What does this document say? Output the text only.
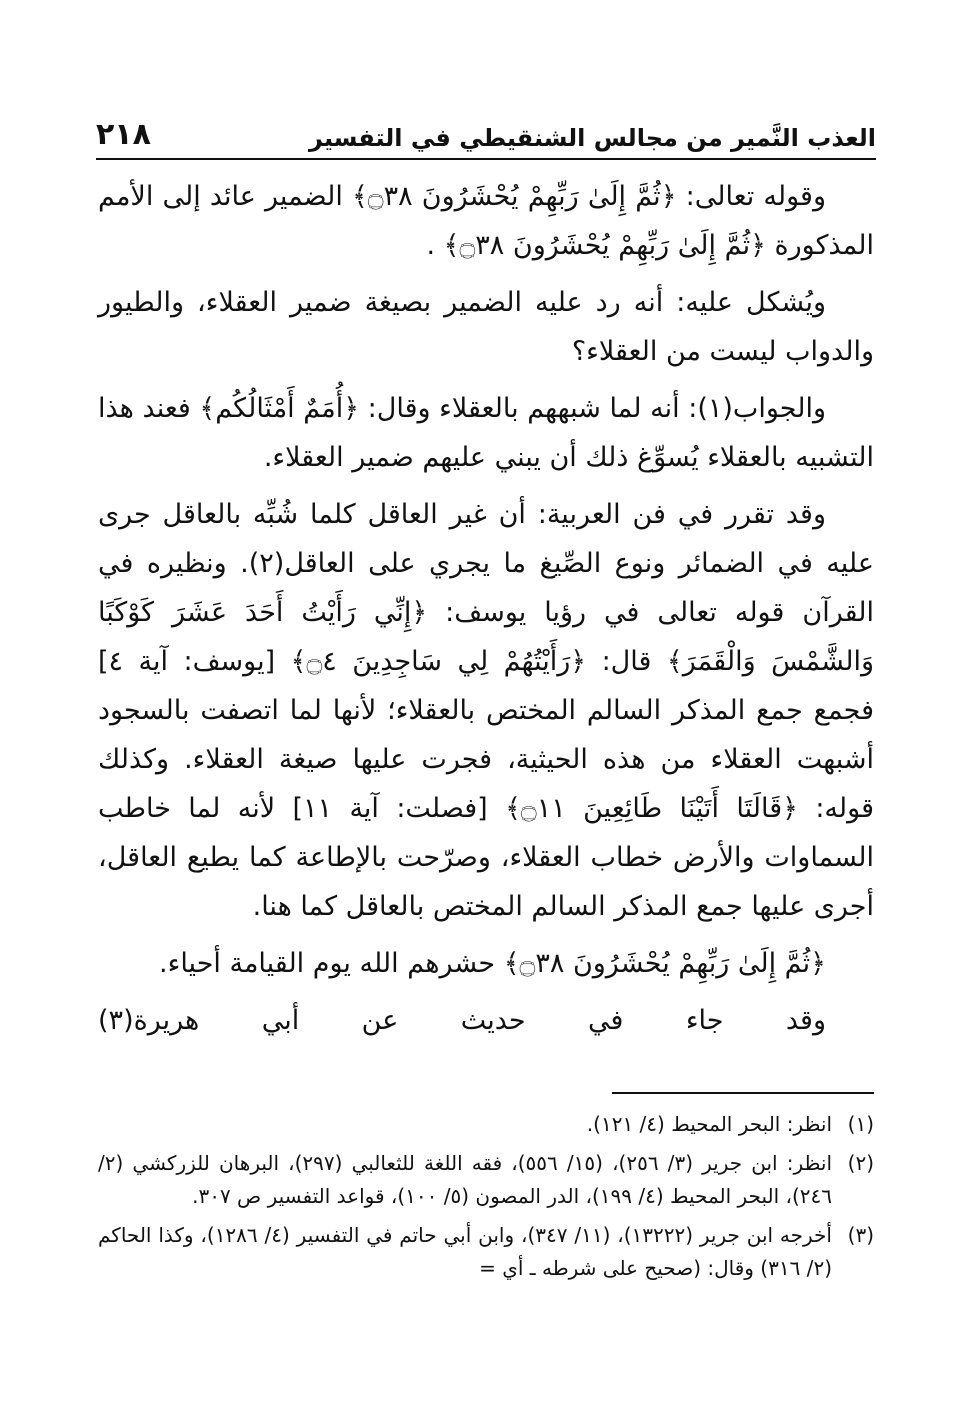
العذب النَّمير من مجالس الشنقيطي في التفسير
٢١٨

وقوله تعالى: ﴿ثُمَّ إِلَىٰ رَبِّهِمْ يُحْشَرُونَ ۝٣٨﴾ الضمير عائد إلى الأمم المذكورة ﴿ثُمَّ إِلَىٰ رَبِّهِمْ يُحْشَرُونَ ۝٣٨﴾ .

ويُشكل عليه: أنه رد عليه الضمير بصيغة ضمير العقلاء، والطيور والدواب ليست من العقلاء؟

والجواب(١): أنه لما شبههم بالعقلاء وقال: ﴿أُمَمٌ أَمْثَالُكُم﴾ فعند هذا التشبيه بالعقلاء يُسوِّغ ذلك أن يبني عليهم ضمير العقلاء.

وقد تقرر في فن العربية: أن غير العاقل كلما شُبِّه بالعاقل جرى عليه في الضمائر ونوع الصِّيغ ما يجري على العاقل(٢). ونظيره في القرآن قوله تعالى في رؤيا يوسف: ﴿إِنِّي رَأَيْتُ أَحَدَ عَشَرَ كَوْكَبًا وَالشَّمْسَ وَالْقَمَرَ﴾ قال: ﴿رَأَيْتُهُمْ لِي سَاجِدِينَ ۝٤﴾ [يوسف: آية ٤] فجمع جمع المذكر السالم المختص بالعقلاء؛ لأنها لما اتصفت بالسجود أشبهت العقلاء من هذه الحيثية، فجرت عليها صيغة العقلاء. وكذلك قوله: ﴿قَالَتَا أَتَيْنَا طَائِعِينَ ۝١١﴾ [فصلت: آية ١١] لأنه لما خاطب السماوات والأرض خطاب العقلاء، وصرّحت بالإطاعة كما يطيع العاقل، أجرى عليها جمع المذكر السالم المختص بالعاقل كما هنا.

﴿ثُمَّ إِلَىٰ رَبِّهِمْ يُحْشَرُونَ ۝٣٨﴾ حشرهم الله يوم القيامة أحياء.

وقد جاء في حديث عن أبي هريرة(٣)

(١)
انظر: البحر المحيط (٤/ ١٢١).
(٢)
انظر: ابن جرير (٣/ ٢٥٦)، (١٥/ ٥٥٦)، فقه اللغة للثعالبي (٢٩٧)، البرهان للزركشي (٢/ ٢٤٦)، البحر المحيط (٤/ ١٩٩)، الدر المصون (٥/ ١٠٠)، قواعد التفسير ص ٣٠٧.
(٣)
أخرجه ابن جرير (١٣٢٢٢)، (١١/ ٣٤٧)، وابن أبي حاتم في التفسير (٤/ ١٢٨٦)، وكذا الحاكم (٢/ ٣١٦) وقال: (صحيح على شرطه ـ أي =
